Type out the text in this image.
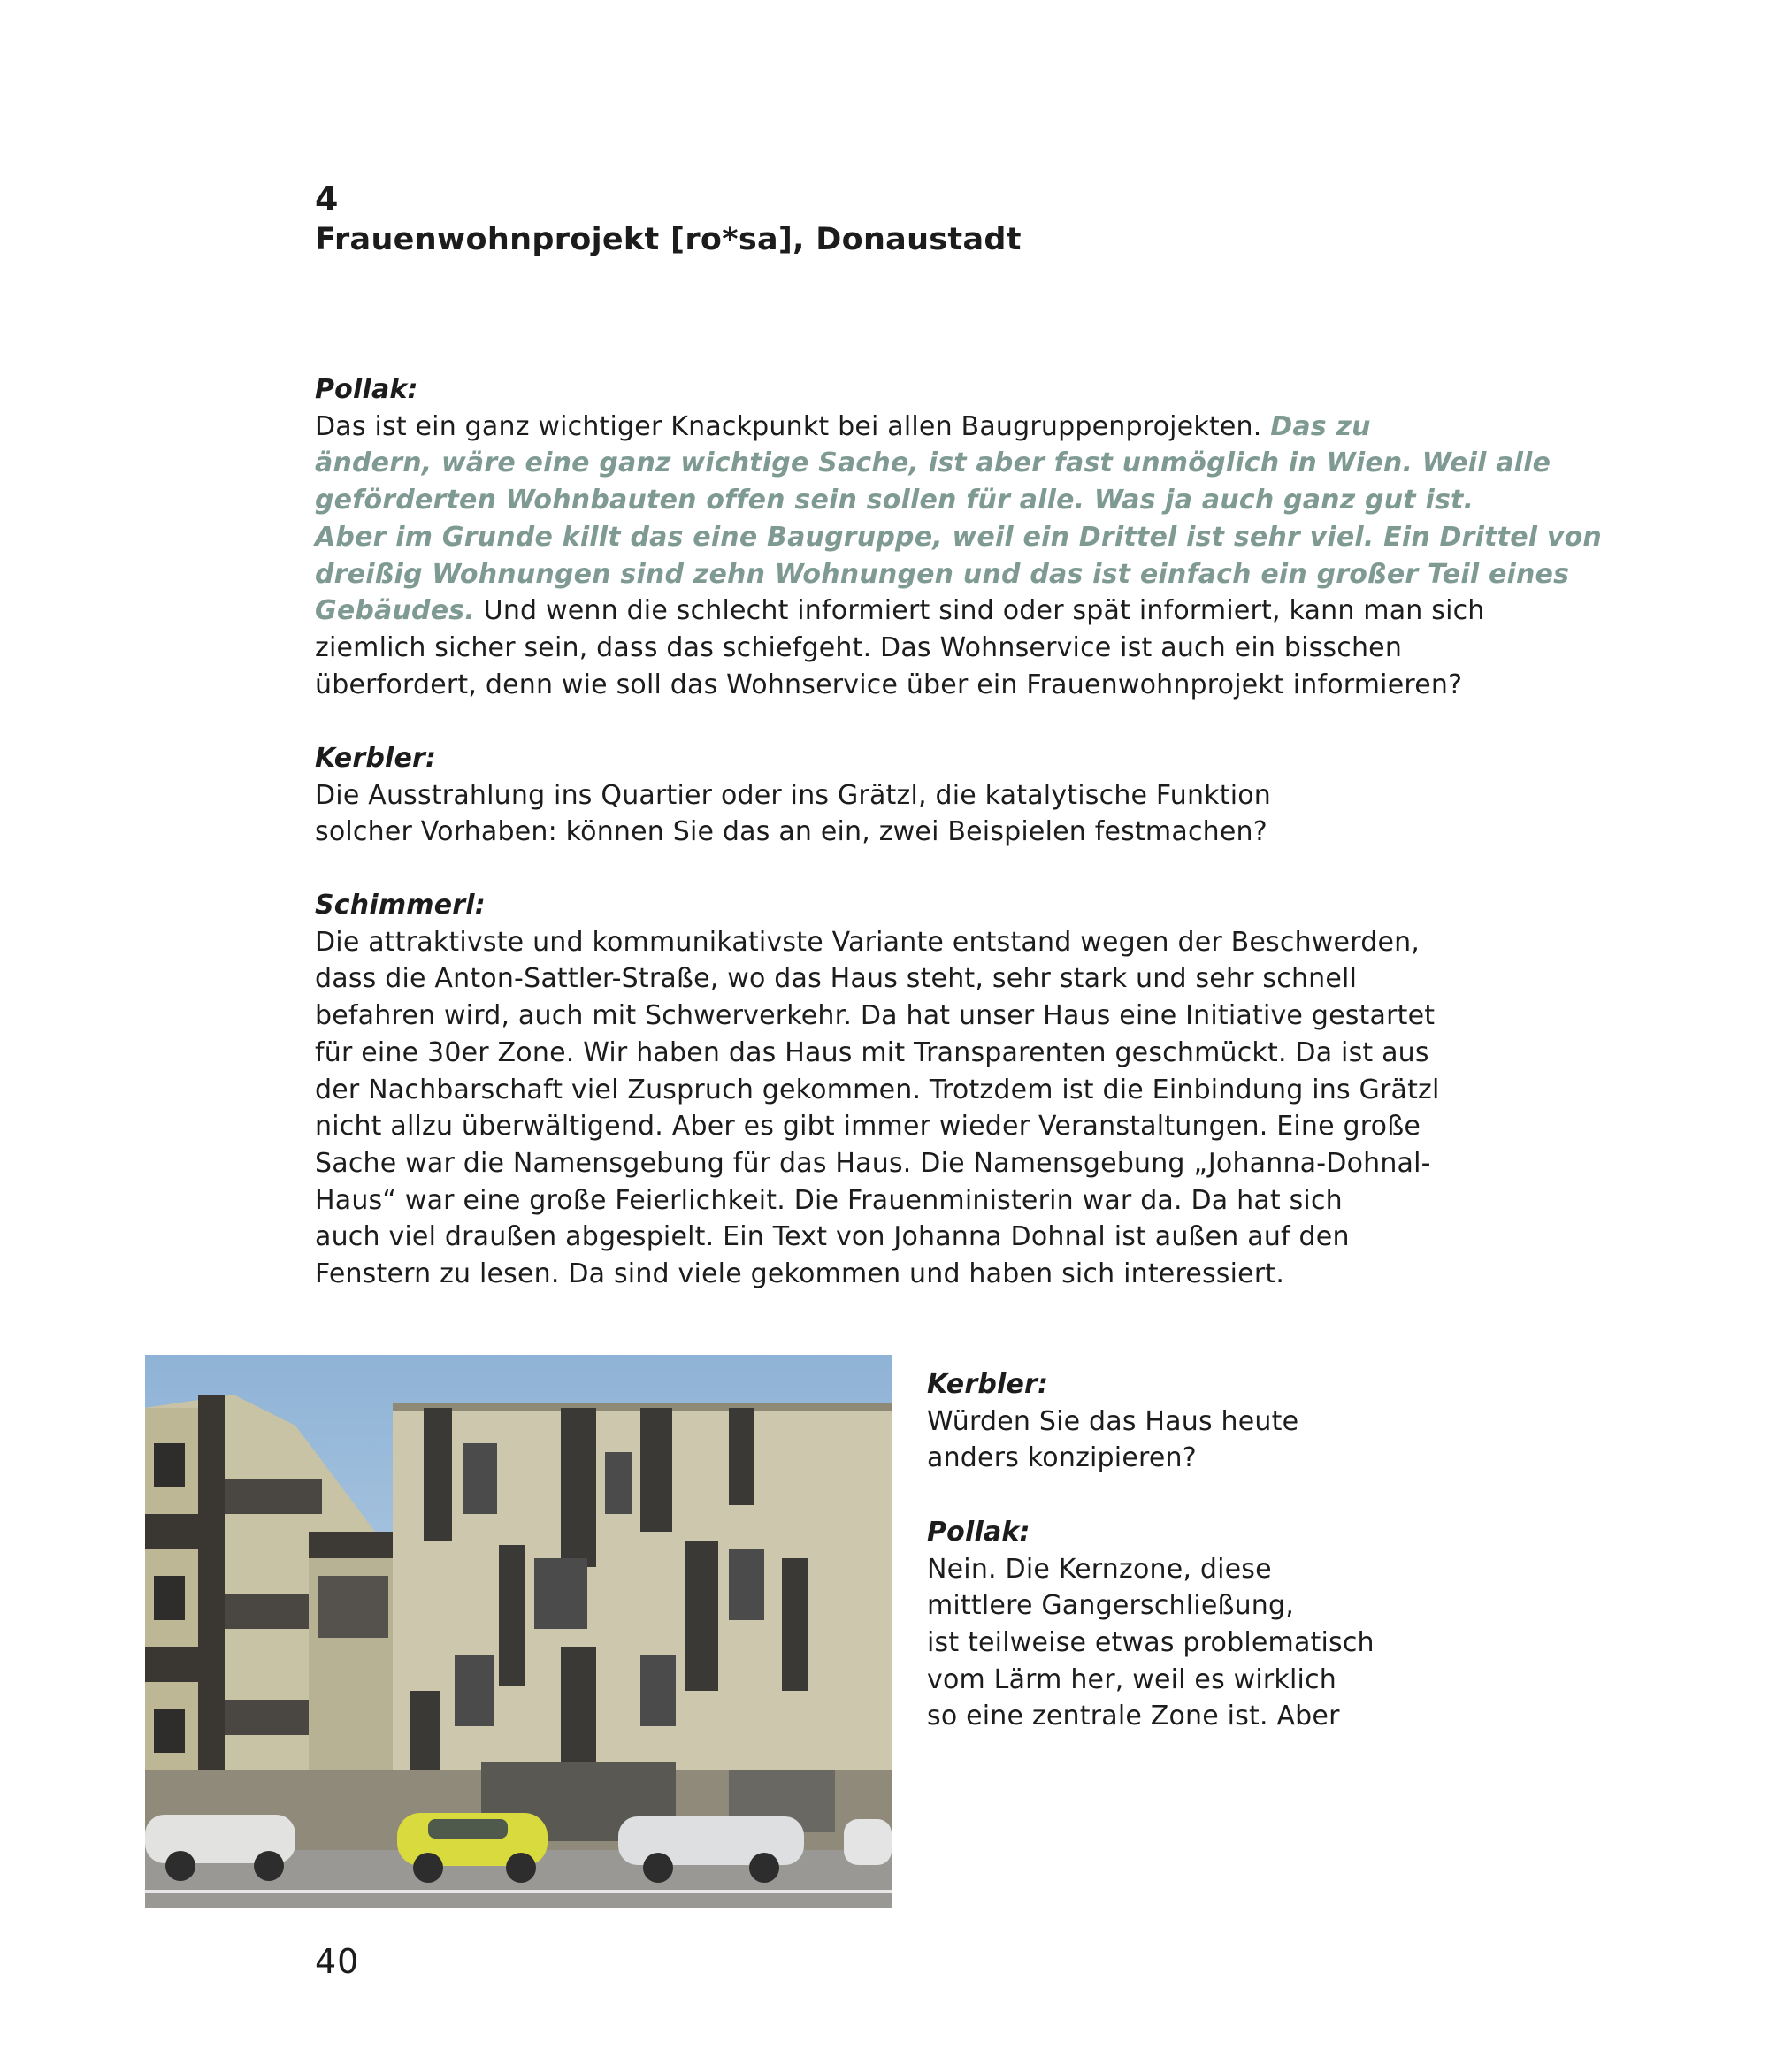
4
Frauenwohnprojekt [ro*sa], Donaustadt
Pollak:
Das ist ein ganz wichtiger Knackpunkt bei allen Baugruppenprojekten. Das zu
ändern, wäre eine ganz wichtige Sache, ist aber fast unmöglich in Wien. Weil alle
geförderten Wohnbauten offen sein sollen für alle. Was ja auch ganz gut ist.
Aber im Grunde killt das eine Baugruppe, weil ein Drittel ist sehr viel. Ein Drittel von
dreißig Wohnungen sind zehn Wohnungen und das ist einfach ein großer Teil eines
Gebäudes. Und wenn die schlecht informiert sind oder spät informiert, kann man sich
ziemlich sicher sein, dass das schiefgeht. Das Wohnservice ist auch ein bisschen
überfordert, denn wie soll das Wohnservice über ein Frauenwohnprojekt informieren?
Kerbler:
Die Ausstrahlung ins Quartier oder ins Grätzl, die katalytische Funktion
solcher Vorhaben: können Sie das an ein, zwei Beispielen festmachen?
Schimmerl:
Die attraktivste und kommunikativste Variante entstand wegen der Beschwerden,
dass die Anton-Sattler-Straße, wo das Haus steht, sehr stark und sehr schnell
befahren wird, auch mit Schwerverkehr. Da hat unser Haus eine Initiative gestartet
für eine 30er Zone. Wir haben das Haus mit Transparenten geschmückt. Da ist aus
der Nachbarschaft viel Zuspruch gekommen. Trotzdem ist die Einbindung ins Grätzl
nicht allzu überwältigend. Aber es gibt immer wieder Veranstaltungen. Eine große
Sache war die Namensgebung für das Haus. Die Namensgebung „Johanna-Dohnal-
Haus“ war eine große Feierlichkeit. Die Frauenministerin war da. Da hat sich
auch viel draußen abgespielt. Ein Text von Johanna Dohnal ist außen auf den
Fenstern zu lesen. Da sind viele gekommen und haben sich interessiert.
Kerbler:
Würden Sie das Haus heute
anders konzipieren?
Pollak:
Nein. Die Kernzone, diese
mittlere Gangerschließung,
ist teilweise etwas problematisch
vom Lärm her, weil es wirklich
so eine zentrale Zone ist. Aber
40
